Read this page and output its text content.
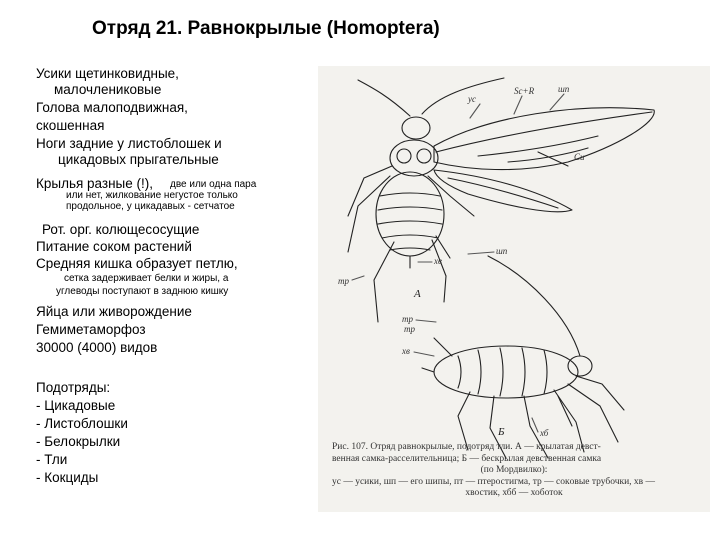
Отряд 21. Равнокрылые (Homoptera)
Усики щетинковидные,
малочлениковые
Голова малоподвижная,
скошенная
Ноги задние у листоблошек и
цикадовых прыгательные
Крылья разные (!), две или одна пара
или нет, жилкование негустое только
продольное, у цикадавых - сетчатое
Рот. орг. колющесосущие
Питание соком растений
Средняя кишка образует петлю,
сетка задерживает белки и жиры, а
углеводы поступают в заднюю кишку
Яйца или живорождение
Гемиметаморфоз
30000 (4000) видов
Подотряды:
- Цикадовые
- Листоблошки
- Белокрылки
- Тли
- Кокциды
ус
Sc+R	шп
Cu
тр
хв
шп
тр
хв
тр
хб
А
Б
Рис. 107. Отряд равнокрылые, подотряд тли. А — крылатая девст-
венная самка-расселительница; Б — бескрылая девственная самка
(по Мордвилко):
ус — усики, шп — его шипы, пт — птеростигма, тр — сокoвые трубочки, хв —
хвостик, хбб — хоботок
